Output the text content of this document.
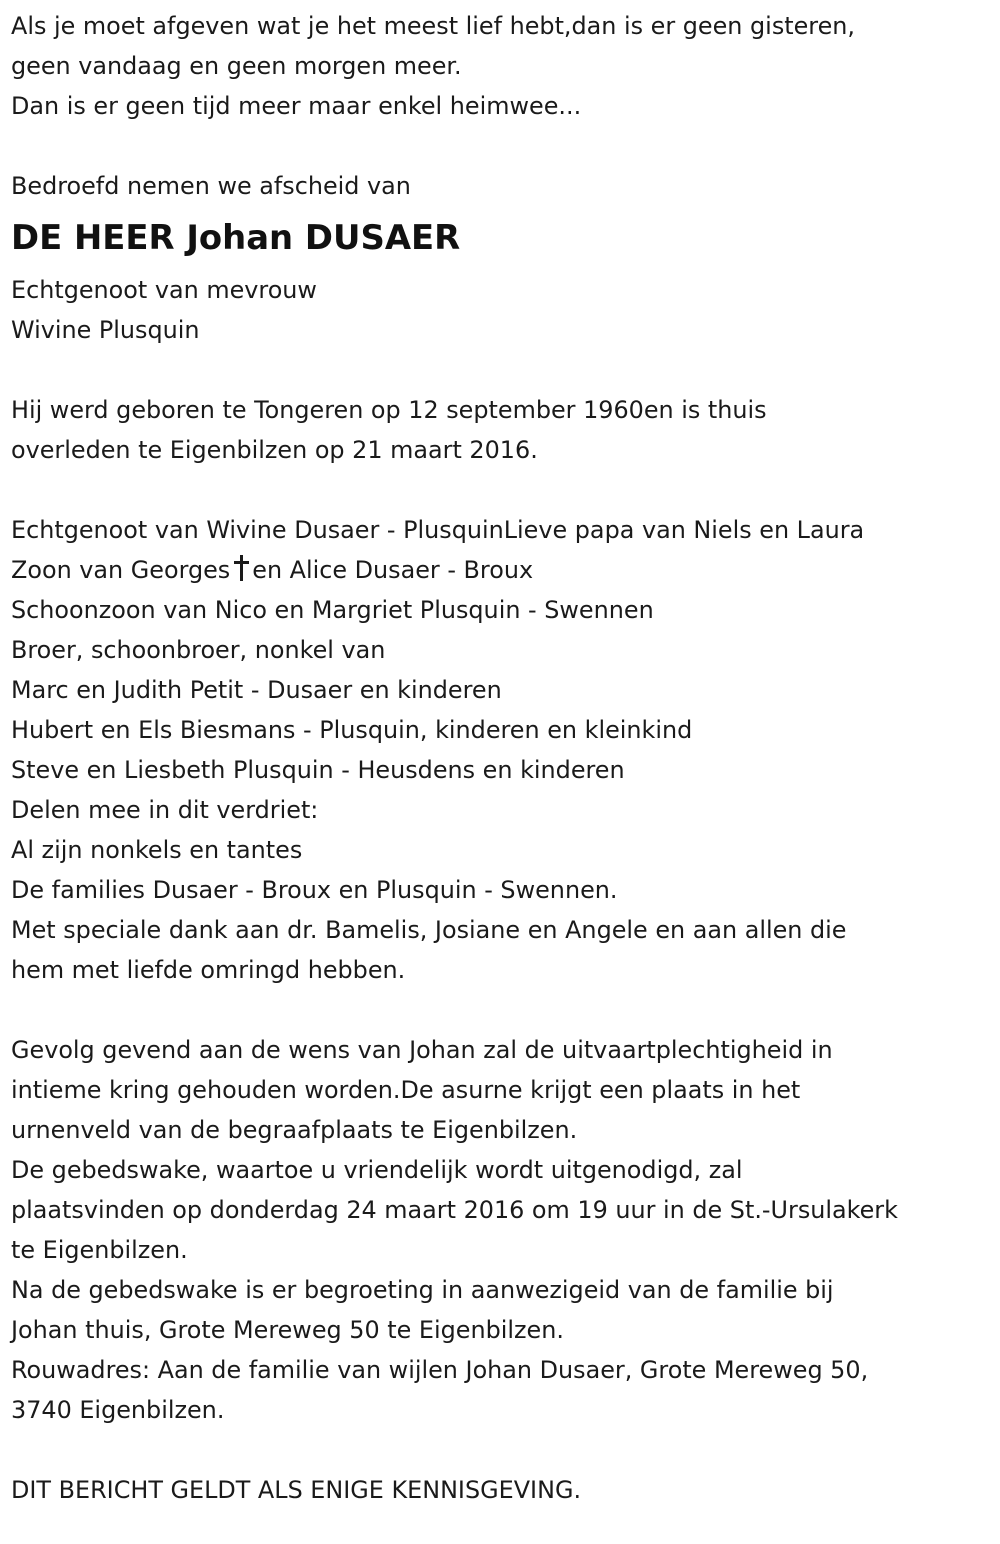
Als je moet afgeven wat je het meest lief hebt,dan is er geen gisteren,
geen vandaag en geen morgen meer.
Dan is er geen tijd meer maar enkel heimwee...
Bedroefd nemen we afscheid van
DE HEER Johan DUSAER
Echtgenoot van mevrouw
Wivine Plusquin
Hij werd geboren te Tongeren op 12 september 1960en is thuis
overleden te Eigenbilzen op 21 maart 2016.
Echtgenoot van Wivine Dusaer - PlusquinLieve papa van Niels en Laura
Zoon van Georges en Alice Dusaer - Broux
Schoonzoon van Nico en Margriet Plusquin - Swennen
Broer, schoonbroer, nonkel van
Marc en Judith Petit - Dusaer en kinderen
Hubert en Els Biesmans - Plusquin, kinderen en kleinkind
Steve en Liesbeth Plusquin - Heusdens en kinderen
Delen mee in dit verdriet:
Al zijn nonkels en tantes
De families Dusaer - Broux en Plusquin - Swennen.
Met speciale dank aan dr. Bamelis, Josiane en Angele en aan allen die
hem met liefde omringd hebben.
Gevolg gevend aan de wens van Johan zal de uitvaartplechtigheid in
intieme kring gehouden worden.De asurne krijgt een plaats in het
urnenveld van de begraafplaats te Eigenbilzen.
De gebedswake, waartoe u vriendelijk wordt uitgenodigd, zal
plaatsvinden op donderdag 24 maart 2016 om 19 uur in de St.-Ursulakerk
te Eigenbilzen.
Na de gebedswake is er begroeting in aanwezigeid van de familie bij
Johan thuis, Grote Mereweg 50 te Eigenbilzen.
Rouwadres: Aan de familie van wijlen Johan Dusaer, Grote Mereweg 50,
3740 Eigenbilzen.
DIT BERICHT GELDT ALS ENIGE KENNISGEVING.
